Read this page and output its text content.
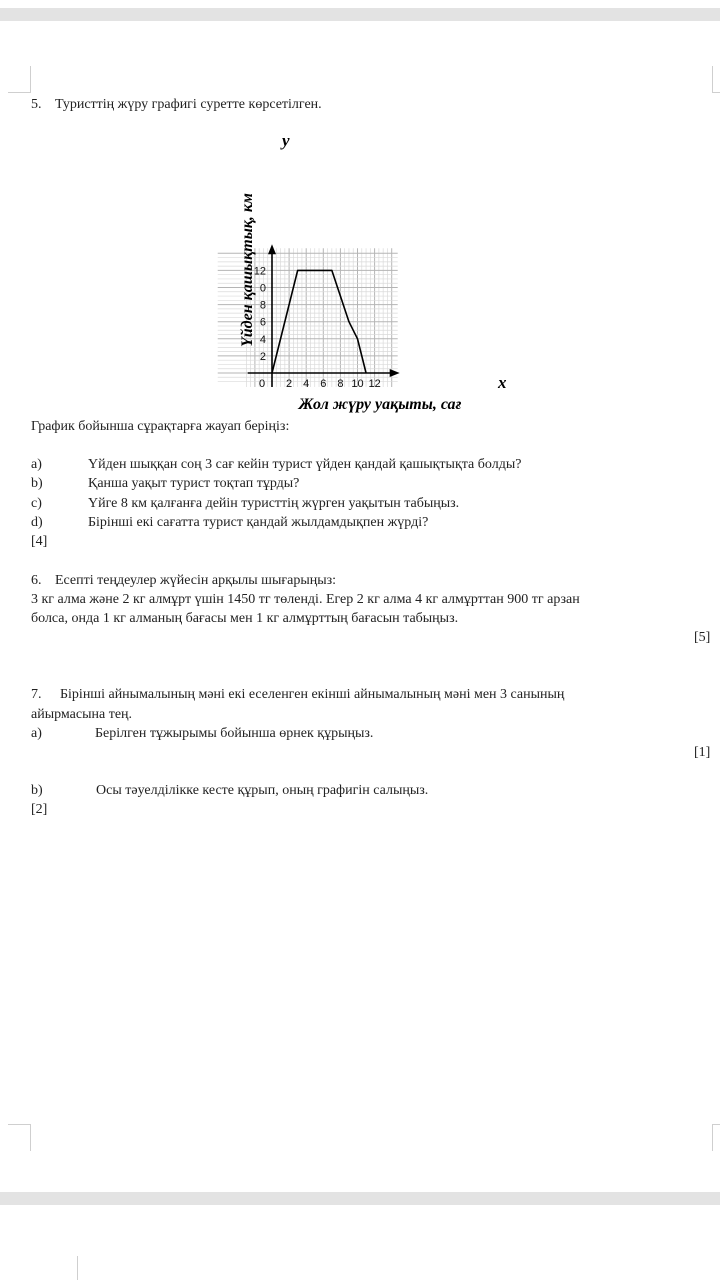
5. Туристтің жүру графигі суретте көрсетілген.
0 2 4 6 8 10 12
2
4
6
8
0
12
Жол жүру уақыты, сағ
Үйден қашықтық, км
x
y
График бойынша сұрақтарға жауап беріңіз:
a)	Үйден шыққан соң 3 сағ кейін турист үйден қандай қашықтықта болды?
b)	Қанша уақыт турист тоқтап тұрды?
c)	Үйге 8 км қалғанға дейін туристтің жүрген уақытын табыңыз.
d)	Бірінші екі сағатта турист қандай жылдамдықпен жүрді?
[4]
6. Есепті теңдеулер жүйесін арқылы шығарыңыз:
3 кг алма және 2 кг алмұрт үшін 1450 тг төленді. Егер 2 кг алма 4 кг алмұрттан 900 тг арзан
болса, онда 1 кг алманың бағасы мен 1 кг алмұрттың бағасын табыңыз.
[5]
7. Бірінші айнымалының мәні екі еселенген екінші айнымалының мәні мен 3 санының
айырмасына тең.
a)	Берілген тұжырымы бойынша өрнек құрыңыз.
[1]
b)	Осы тәуелділікке кесте құрып, оның графигін салыңыз.
[2]
